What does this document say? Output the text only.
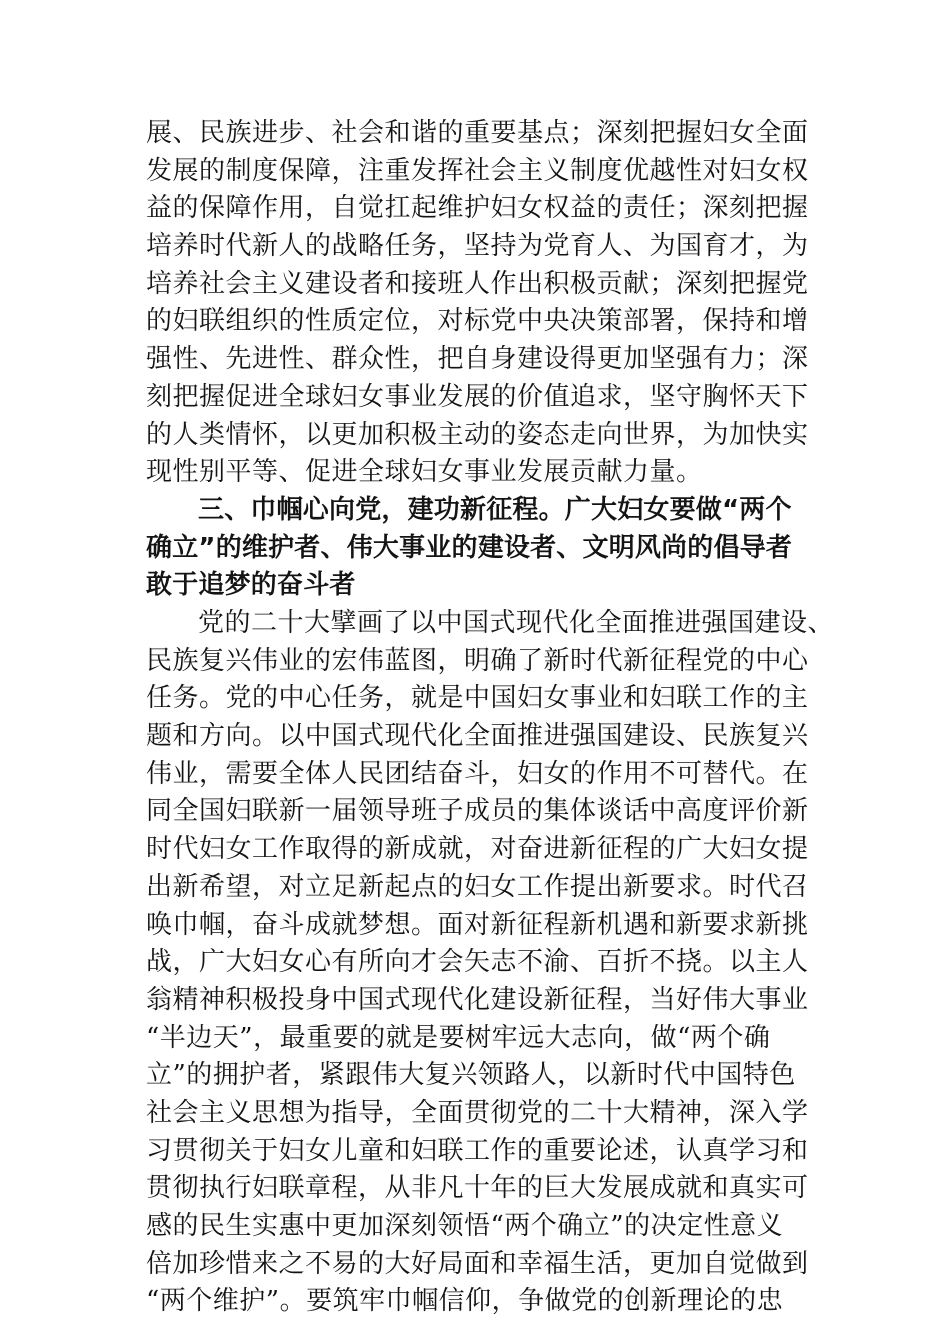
展、民族进步、社会和谐的重要基点；深刻把握妇女全面
发展的制度保障，注重发挥社会主义制度优越性对妇女权
益的保障作用，自觉扛起维护妇女权益的责任；深刻把握
培养时代新人的战略任务，坚持为党育人、为国育才，为
培养社会主义建设者和接班人作出积极贡献；深刻把握党
的妇联组织的性质定位，对标党中央决策部署，保持和增
强性、先进性、群众性，把自身建设得更加坚强有力；深
刻把握促进全球妇女事业发展的价值追求，坚守胸怀天下
的人类情怀，以更加积极主动的姿态走向世界，为加快实
现性别平等、促进全球妇女事业发展贡献力量。
三、巾帼心向党，建功新征程。广大妇女要做“两个
确立”的维护者、伟大事业的建设者、文明风尚的倡导者
敢于追梦的奋斗者
党的二十大擘画了以中国式现代化全面推进强国建设、
民族复兴伟业的宏伟蓝图，明确了新时代新征程党的中心
任务。党的中心任务，就是中国妇女事业和妇联工作的主
题和方向。以中国式现代化全面推进强国建设、民族复兴
伟业，需要全体人民团结奋斗，妇女的作用不可替代。在
同全国妇联新一届领导班子成员的集体谈话中高度评价新
时代妇女工作取得的新成就，对奋进新征程的广大妇女提
出新希望，对立足新起点的妇女工作提出新要求。时代召
唤巾帼，奋斗成就梦想。面对新征程新机遇和新要求新挑
战，广大妇女心有所向才会矢志不渝、百折不挠。以主人
翁精神积极投身中国式现代化建设新征程，当好伟大事业
“半边天”，最重要的就是要树牢远大志向，做“两个确
立”的拥护者，紧跟伟大复兴领路人，以新时代中国特色
社会主义思想为指导，全面贯彻党的二十大精神，深入学
习贯彻关于妇女儿童和妇联工作的重要论述，认真学习和
贯彻执行妇联章程，从非凡十年的巨大发展成就和真实可
感的民生实惠中更加深刻领悟“两个确立”的决定性意义
倍加珍惜来之不易的大好局面和幸福生活，更加自觉做到
“两个维护”。要筑牢巾帼信仰，争做党的创新理论的忠
